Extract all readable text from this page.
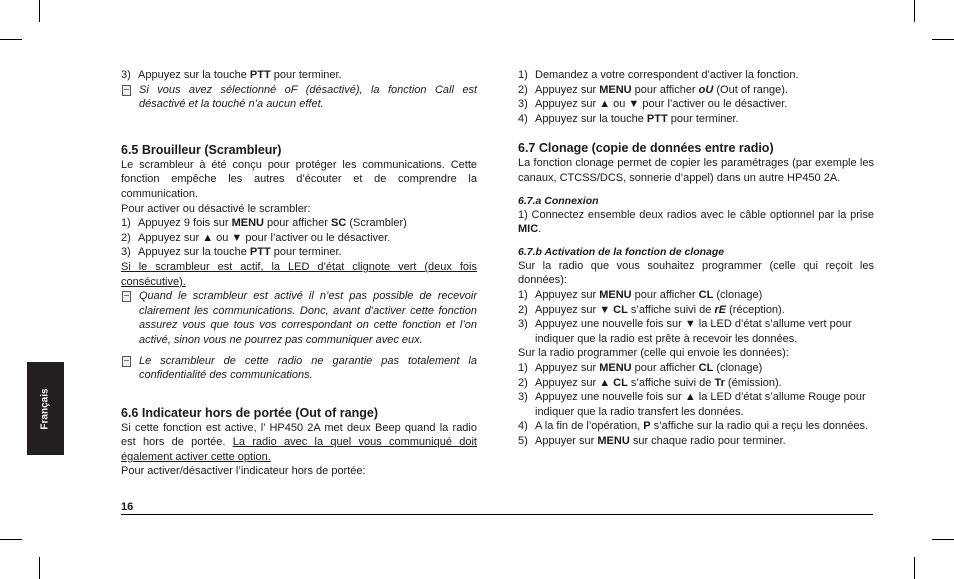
Français
3) Appuyez sur la touche PTT pour terminer.
Si vous avez sélectionné oF (désactivé), la fonction Call est désactivé et la touché n’a aucun effet.
6.5 Brouilleur (Scrambleur)

Le scrambleur à été conçu pour protéger les communications. Cette fonction empêche les autres d’écouter et de comprendre la communication.

Pour activer ou désactivé le scrambler:

1) Appuyez 9 fois sur MENU pour afficher SC (Scrambler)
2) Appuyez sur ▲ ou ▼ pour l’activer ou le désactiver.
3) Appuyez sur la touche PTT pour terminer.

Si le scrambleur est actif, la LED d’état clignote vert (deux fois consécutive).

Quand le scrambleur est activé il n’est pas possible de recevoir clairement les communications. Donc, avant d’activer cette fonction assurez vous que tous vos correspondant on cette fonction et l’on activé, sinon vous ne pourrez pas communiquer avec eux.
Le scrambleur de cette radio ne garantie pas totalement la confidentialité des communications.
6.6 Indicateur hors de portée (Out of range)

Si cette fonction est active, l’ HP450 2A met deux Beep quand la radio est hors de portée. La radio avec la quel vous communiqué doit également activer cette option.

Pour activer/désactiver l’indicateur hors de portée:

1) Demandez a votre correspondent d’activer la fonction.
2) Appuyez sur MENU pour afficher oU (Out of range).
3) Appuyez sur ▲ ou ▼ pour l’activer ou le désactiver.
4) Appuyez sur la touche PTT pour terminer.
6.7 Clonage (copie de données entre radio)

La fonction clonage permet de copier les paramétrages (par exemple les canaux, CTCSS/DCS, sonnerie d’appel) dans un autre HP450 2A.

6.7.a Connexion

1) Connectez ensemble deux radios avec le câble optionnel par la prise MIC.

6.7.b Activation de la fonction de clonage

Sur la radio que vous souhaitez programmer (celle qui reçoit les données):

1) Appuyez sur MENU pour afficher CL (clonage)
2) Appuyez sur ▼ CL s’affiche suivi de rE (réception).
3) Appuyez une nouvelle fois sur ▼ la LED d’état s’allume vert pour indiquer que la radio est prête à recevoir les données.

Sur la radio programmer (celle qui envoie les données):

1) Appuyez sur MENU pour afficher CL (clonage)
2) Appuyez sur ▲ CL s’affiche suivi de Tr (émission).
3) Appuyez une nouvelle fois sur ▲ la LED d’état s’allume Rouge pour indiquer que la radio transfert les données.
4) A la fin de l’opération, P s’affiche sur la radio qui a reçu les données.
5) Appuyer sur MENU sur chaque radio pour terminer.
16
